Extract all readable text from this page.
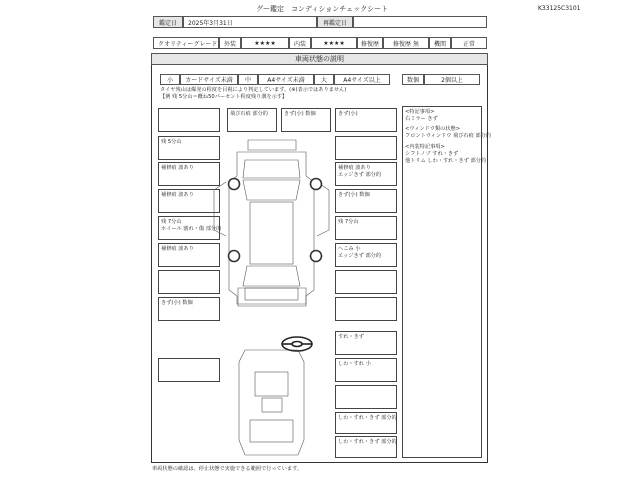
グー鑑定　コンディションチェックシート	K33125C3101
鑑定日	2025年3月31日	再鑑定日
クオリティーグレード	外装	★★★★	内装	★★★★	修復歴	修復歴 無	機関	正常
車両状態の説明
小	カードサイズ未満	中	A4サイズ未満	大	A4サイズ以上	数個	2個以上
タイヤ残山は爆発の程度を目視により判定しています。(※)表示ではありません)
【例 残 5分山＝概ね50パーセント程度残り溝を示す】
残 5分山
補修痕 波あり
補修痕 波あり
残 7分山
ホイール 割れ・傷 部分的
補修痕 波あり
きず(小) 数個
飛び石痕 部分的	きず(小) 数個	きず(小)
補修痕 波あり
エッジきず 部分的
きず(小) 数個
残 7分山
へこみ 小
エッジきず 部分的
すれ・きず
しわ・すれ 小
しわ・すれ・きず 部分的
しわ・すれ・きず 部分的
<特記事項>
右ミラー きず
<ウィンドウ類の状態>
フロントウィンドウ 飛び石痕 部分的
<内装特記事項>
シフトノブ すれ・きず
他トリム しわ・すれ・きず 部分的
車両状態の確認は、停止状態で実施できる範囲で行っています。
